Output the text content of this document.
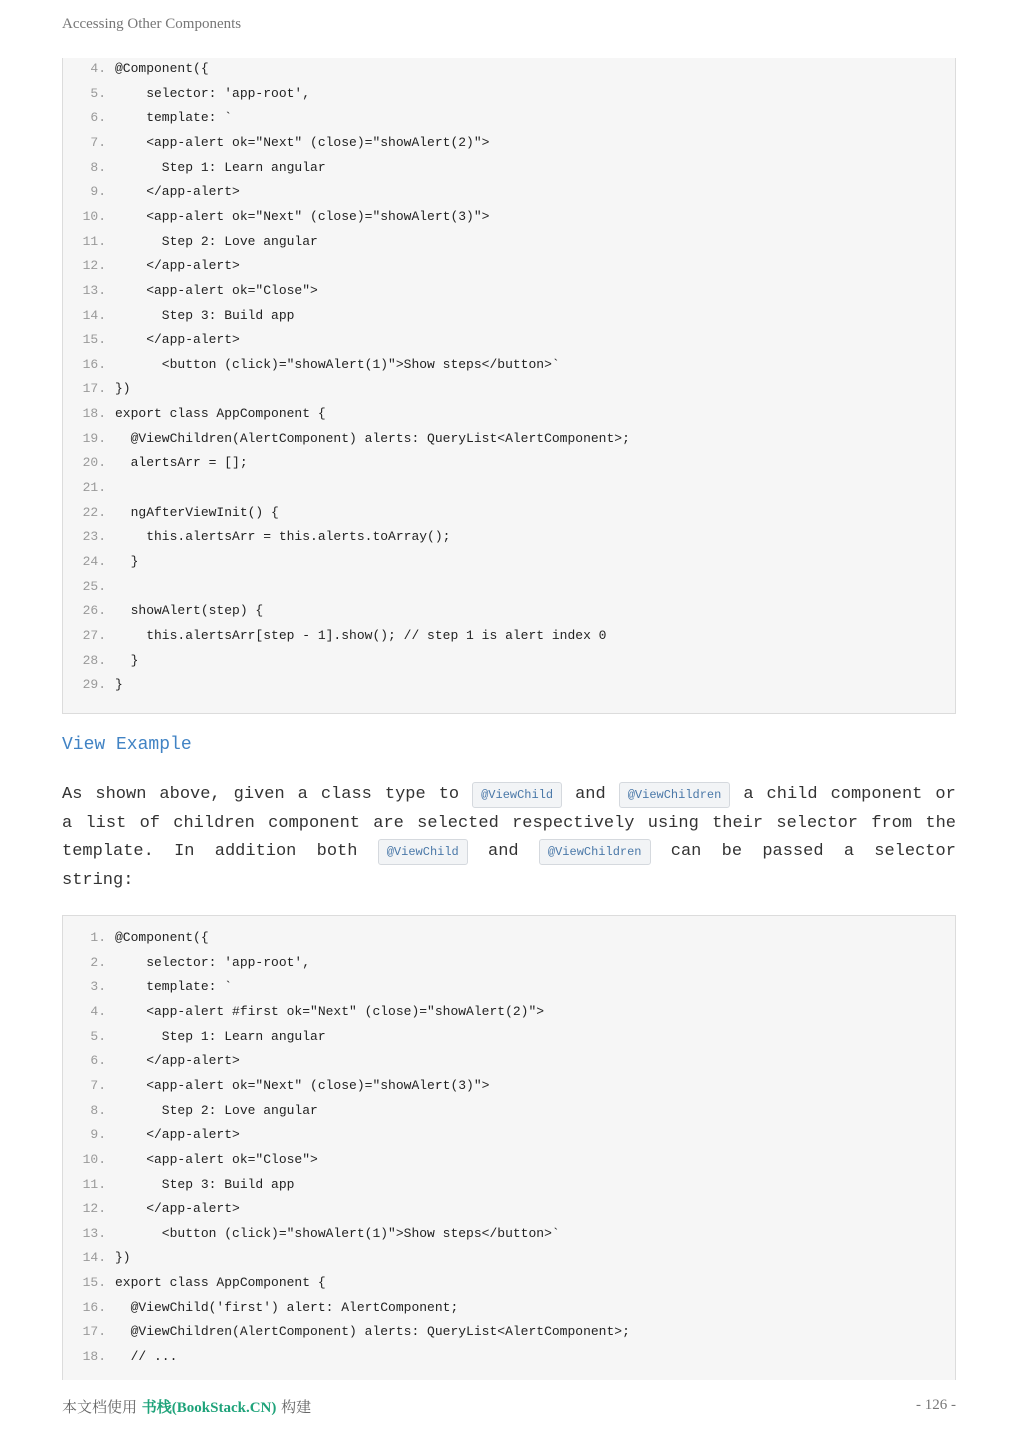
Accessing Other Components
4. @Component({
5.    selector: 'app-root',
6.    template: `
7.    <app-alert ok="Next" (close)="showAlert(2)">
8.      Step 1: Learn angular
9.    </app-alert>
10.    <app-alert ok="Next" (close)="showAlert(3)">
11.      Step 2: Love angular
12.    </app-alert>
13.    <app-alert ok="Close">
14.      Step 3: Build app
15.    </app-alert>
16.      <button (click)="showAlert(1)">Show steps</button>`
17. })
18. export class AppComponent {
19.  @ViewChildren(AlertComponent) alerts: QueryList<AlertComponent>;
20.  alertsArr = [];
21.
22.  ngAfterViewInit() {
23.    this.alertsArr = this.alerts.toArray();
24.  }
25.
26.  showAlert(step) {
27.    this.alertsArr[step - 1].show(); // step 1 is alert index 0
28.  }
29. }
View Example
As shown above, given a class type to	@ViewChild	and	@ViewChildren	a child component or
a list of children component are selected respectively using their selector from the
template. In addition both	@ViewChild	and	@ViewChildren	can be passed a selector
string:
1. @Component({
2.    selector: 'app-root',
3.    template: `
4.    <app-alert #first ok="Next" (close)="showAlert(2)">
5.      Step 1: Learn angular
6.    </app-alert>
7.    <app-alert ok="Next" (close)="showAlert(3)">
8.      Step 2: Love angular
9.    </app-alert>
10.    <app-alert ok="Close">
11.      Step 3: Build app
12.    </app-alert>
13.      <button (click)="showAlert(1)">Show steps</button>`
14. })
15. export class AppComponent {
16.  @ViewChild('first') alert: AlertComponent;
17.  @ViewChildren(AlertComponent) alerts: QueryList<AlertComponent>;
18.  // ...
本文档使用 书栈(BookStack.CN) 构建	- 126 -
